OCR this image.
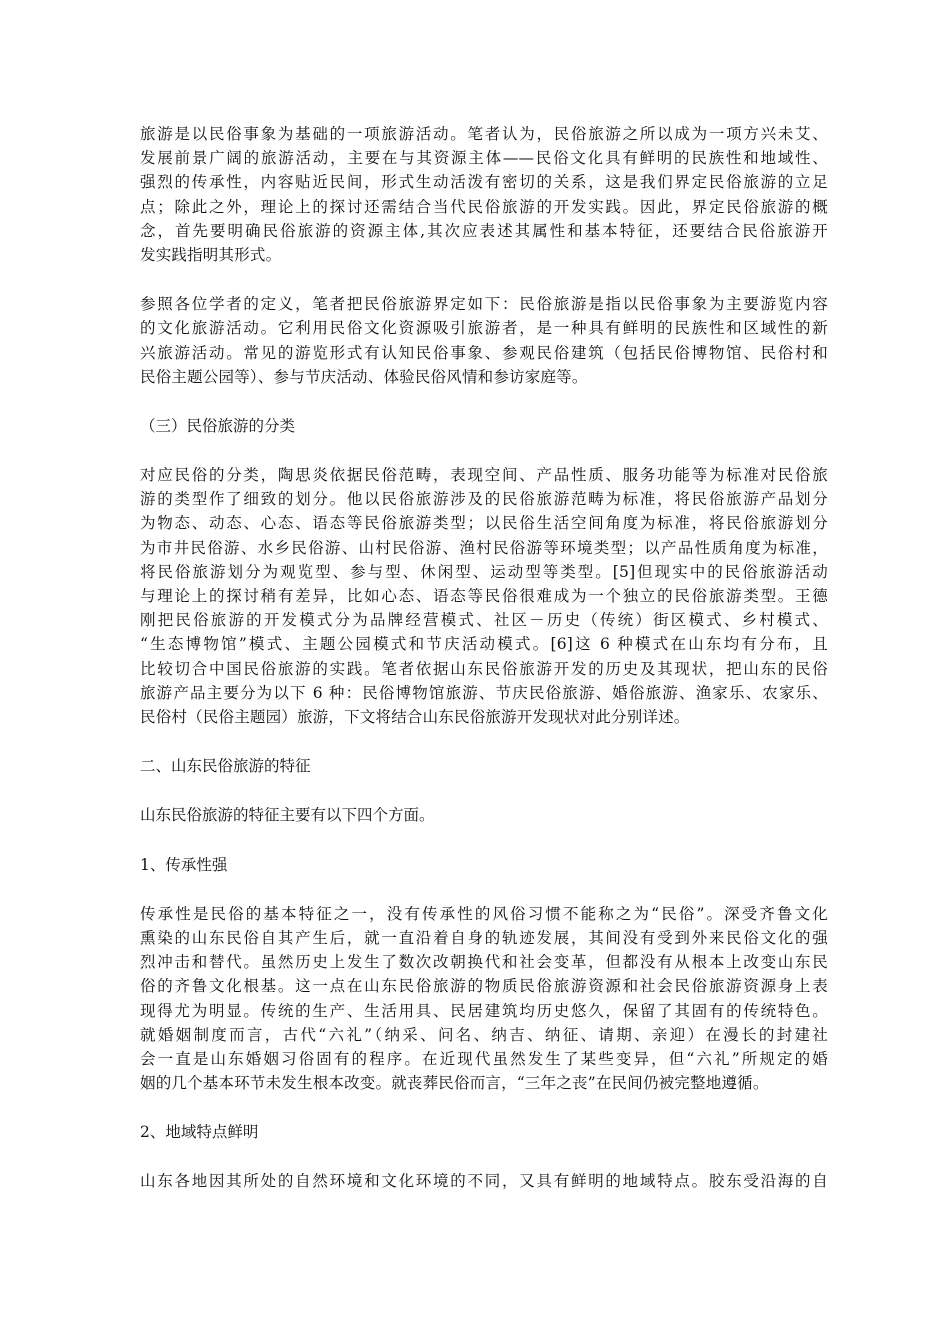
旅游是以民俗事象为基础的一项旅游活动。笔者认为，民俗旅游之所以成为一项方兴未艾、
发展前景广阔的旅游活动，主要在与其资源主体——民俗文化具有鲜明的民族性和地域性、
强烈的传承性，内容贴近民间，形式生动活泼有密切的关系，这是我们界定民俗旅游的立足
点；除此之外，理论上的探讨还需结合当代民俗旅游的开发实践。因此，界定民俗旅游的概
念，首先要明确民俗旅游的资源主体,其次应表述其属性和基本特征，还要结合民俗旅游开
发实践指明其形式。
参照各位学者的定义，笔者把民俗旅游界定如下：民俗旅游是指以民俗事象为主要游览内容
的文化旅游活动。它利用民俗文化资源吸引旅游者，是一种具有鲜明的民族性和区域性的新
兴旅游活动。常见的游览形式有认知民俗事象、参观民俗建筑（包括民俗博物馆、民俗村和
民俗主题公园等）、参与节庆活动、体验民俗风情和参访家庭等。
（三）民俗旅游的分类
对应民俗的分类，陶思炎依据民俗范畴，表现空间、产品性质、服务功能等为标准对民俗旅
游的类型作了细致的划分。他以民俗旅游涉及的民俗旅游范畴为标准，将民俗旅游产品划分
为物态、动态、心态、语态等民俗旅游类型；以民俗生活空间角度为标准，将民俗旅游划分
为市井民俗游、水乡民俗游、山村民俗游、渔村民俗游等环境类型；以产品性质角度为标准，
将民俗旅游划分为观览型、参与型、休闲型、运动型等类型。[5]但现实中的民俗旅游活动
与理论上的探讨稍有差异，比如心态、语态等民俗很难成为一个独立的民俗旅游类型。王德
刚把民俗旅游的开发模式分为品牌经营模式、社区－历史（传统）街区模式、乡村模式、
“生态博物馆”模式、主题公园模式和节庆活动模式。[6]这 6 种模式在山东均有分布，且
比较切合中国民俗旅游的实践。笔者依据山东民俗旅游开发的历史及其现状，把山东的民俗
旅游产品主要分为以下 6 种：民俗博物馆旅游、节庆民俗旅游、婚俗旅游、渔家乐、农家乐、
民俗村（民俗主题园）旅游，下文将结合山东民俗旅游开发现状对此分别详述。
二、山东民俗旅游的特征
山东民俗旅游的特征主要有以下四个方面。
1、传承性强
传承性是民俗的基本特征之一，没有传承性的风俗习惯不能称之为“民俗”。深受齐鲁文化
熏染的山东民俗自其产生后，就一直沿着自身的轨迹发展，其间没有受到外来民俗文化的强
烈冲击和替代。虽然历史上发生了数次改朝换代和社会变革，但都没有从根本上改变山东民
俗的齐鲁文化根基。这一点在山东民俗旅游的物质民俗旅游资源和社会民俗旅游资源身上表
现得尤为明显。传统的生产、生活用具、民居建筑均历史悠久，保留了其固有的传统特色。
就婚姻制度而言，古代“六礼”（纳采、问名、纳吉、纳征、请期、亲迎）在漫长的封建社
会一直是山东婚姻习俗固有的程序。在近现代虽然发生了某些变异，但“六礼”所规定的婚
姻的几个基本环节未发生根本改变。就丧葬民俗而言，“三年之丧”在民间仍被完整地遵循。
2、地域特点鲜明
山东各地因其所处的自然环境和文化环境的不同，又具有鲜明的地域特点。胶东受沿海的自
